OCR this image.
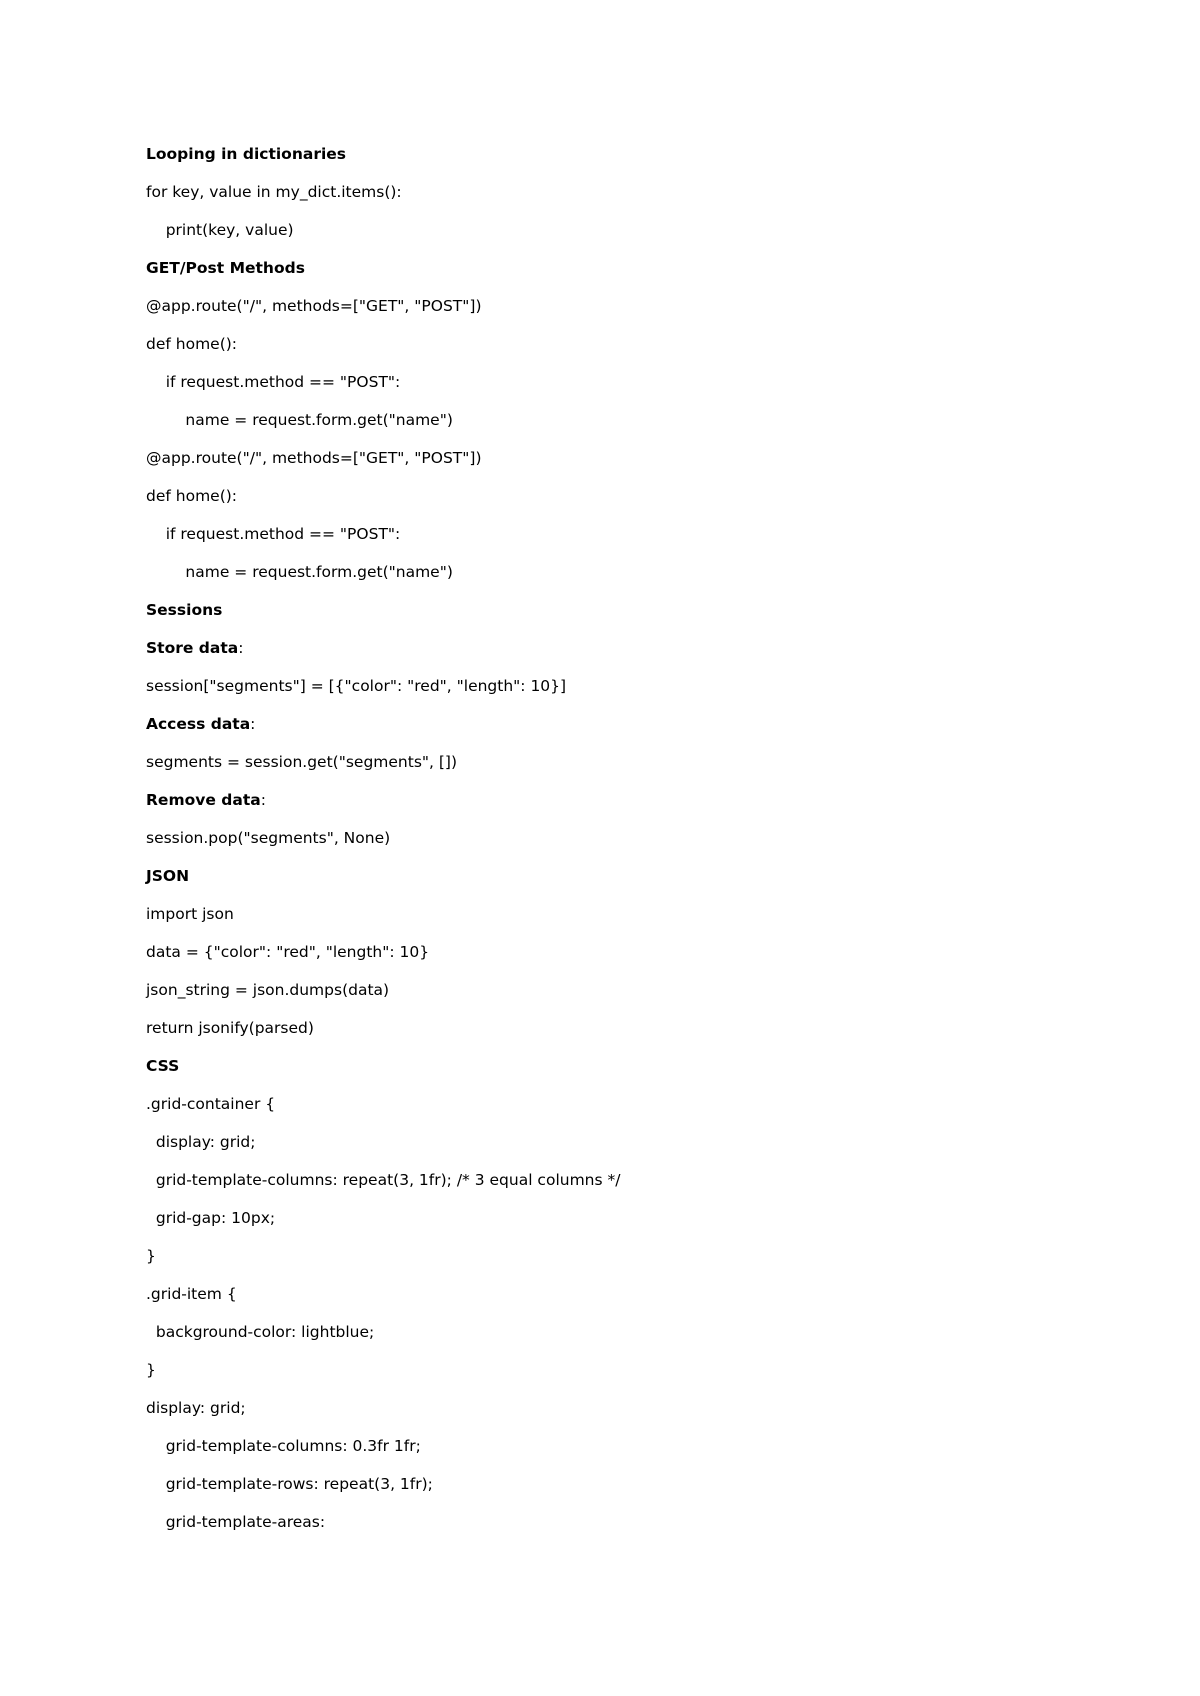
Looping in dictionaries
for key, value in my_dict.items():
print(key, value)
GET/Post Methods
@app.route("/", methods=["GET", "POST"])
def home():
if request.method == "POST":
name = request.form.get("name")
@app.route("/", methods=["GET", "POST"])
def home():
if request.method == "POST":
name = request.form.get("name")
Sessions
Store data:
session["segments"] = [{"color": "red", "length": 10}]
Access data:
segments = session.get("segments", [])
Remove data:
session.pop("segments", None)
JSON
import json
data = {"color": "red", "length": 10}
json_string = json.dumps(data)
return jsonify(parsed)
CSS
.grid-container {
display: grid;
grid-template-columns: repeat(3, 1fr); /* 3 equal columns */
grid-gap: 10px;
}
.grid-item {
background-color: lightblue;
}
display: grid;
grid-template-columns: 0.3fr 1fr;
grid-template-rows: repeat(3, 1fr);
grid-template-areas:
